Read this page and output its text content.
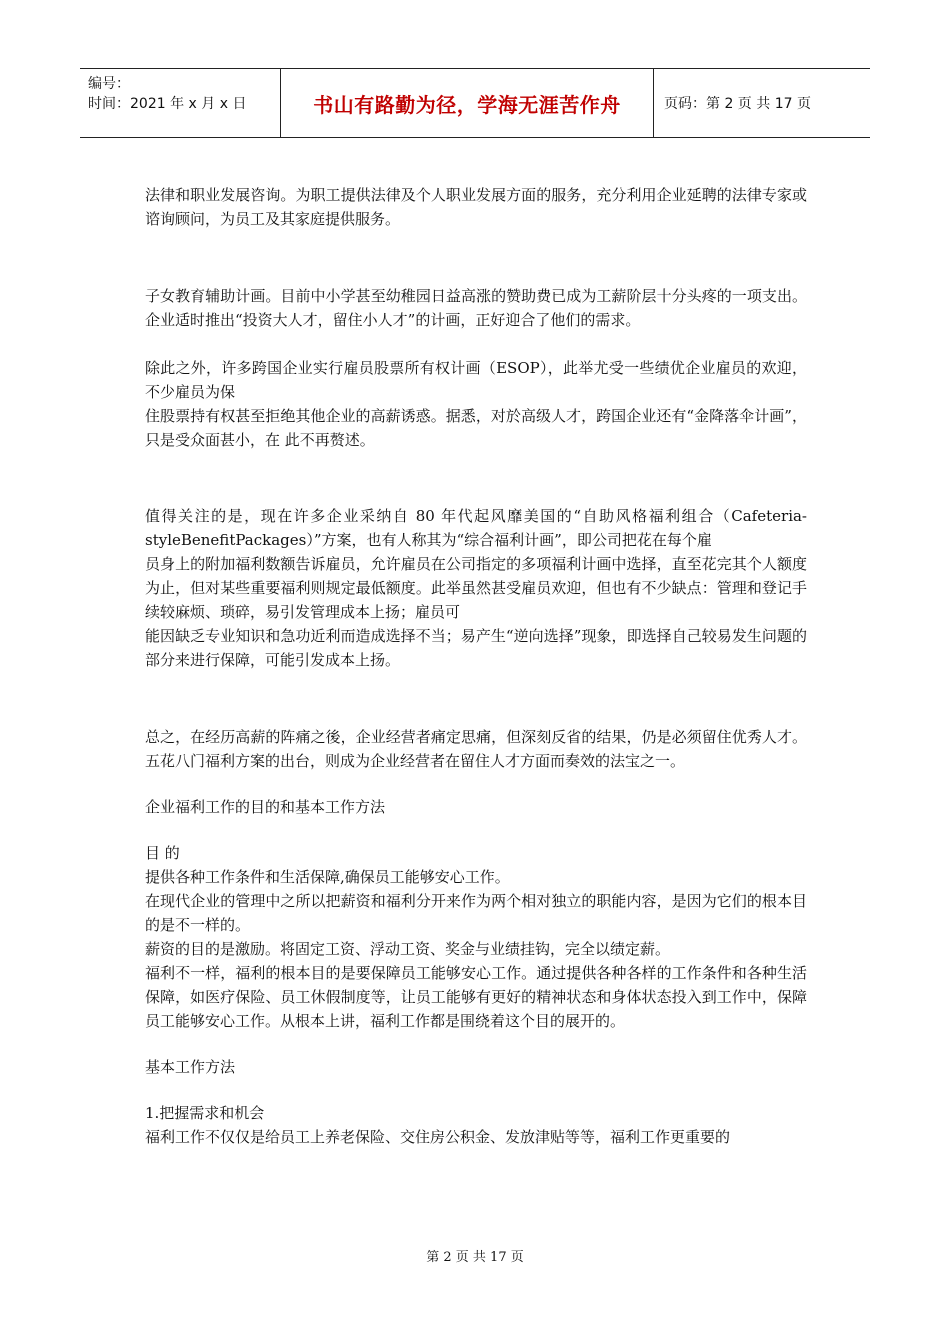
编号：
时间：2021 年 x 月 x 日	书山有路勤为径，学海无涯苦作舟	页码：第 2 页 共 17 页

法律和职业发展咨询。为职工提供法律及个人职业发展方面的服务，充分利用企业延聘的法律专家或谘询顾问，为员工及其家庭提供服务。

子女教育辅助计画。目前中小学甚至幼稚园日益高涨的赞助费已成为工薪阶层十分头疼的一项支出。企业适时推出“投资大人才，留住小人才”的计画，正好迎合了他们的需求。

除此之外，许多跨国企业实行雇员股票所有权计画（ESOP），此举尤受一些绩优企业雇员的欢迎，不少雇员为保

住股票持有权甚至拒绝其他企业的高薪诱惑。据悉，对於高级人才，跨国企业还有“金降落伞计画”，只是受众面甚小，在 此不再赘述。

值得关注的是，现在许多企业采纳自 80 年代起风靡美国的“自助风格福利组合（Cafeteria-styleBenefitPackages）”方案，也有人称其为“综合福利计画”，即公司把花在每个雇

员身上的附加福利数额告诉雇员，允许雇员在公司指定的多项福利计画中选择，直至花完其个人额度为止，但对某些重要福利则规定最低额度。此举虽然甚受雇员欢迎，但也有不少缺点：管理和登记手续较麻烦、琐碎，易引发管理成本上扬；雇员可

能因缺乏专业知识和急功近利而造成选择不当；易产生“逆向选择”现象，即选择自己较易发生问题的部分来进行保障，可能引发成本上扬。

总之，在经历高薪的阵痛之後，企业经营者痛定思痛，但深刻反省的结果，仍是必须留住优秀人才。五花八门福利方案的出台，则成为企业经营者在留住人才方面而奏效的法宝之一。

企业福利工作的目的和基本工作方法

目 的

提供各种工作条件和生活保障,确保员工能够安心工作。

在现代企业的管理中之所以把薪资和福利分开来作为两个相对独立的职能内容，是因为它们的根本目的是不一样的。

薪资的目的是激励。将固定工资、浮动工资、奖金与业绩挂钩，完全以绩定薪。

福利不一样，福利的根本目的是要保障员工能够安心工作。通过提供各种各样的工作条件和各种生活保障，如医疗保险、员工休假制度等，让员工能够有更好的精神状态和身体状态投入到工作中，保障员工能够安心工作。从根本上讲，福利工作都是围绕着这个目的展开的。

基本工作方法

1.把握需求和机会

福利工作不仅仅是给员工上养老保险、交住房公积金、发放津贴等等，福利工作更重要的

第 2 页 共 17 页
